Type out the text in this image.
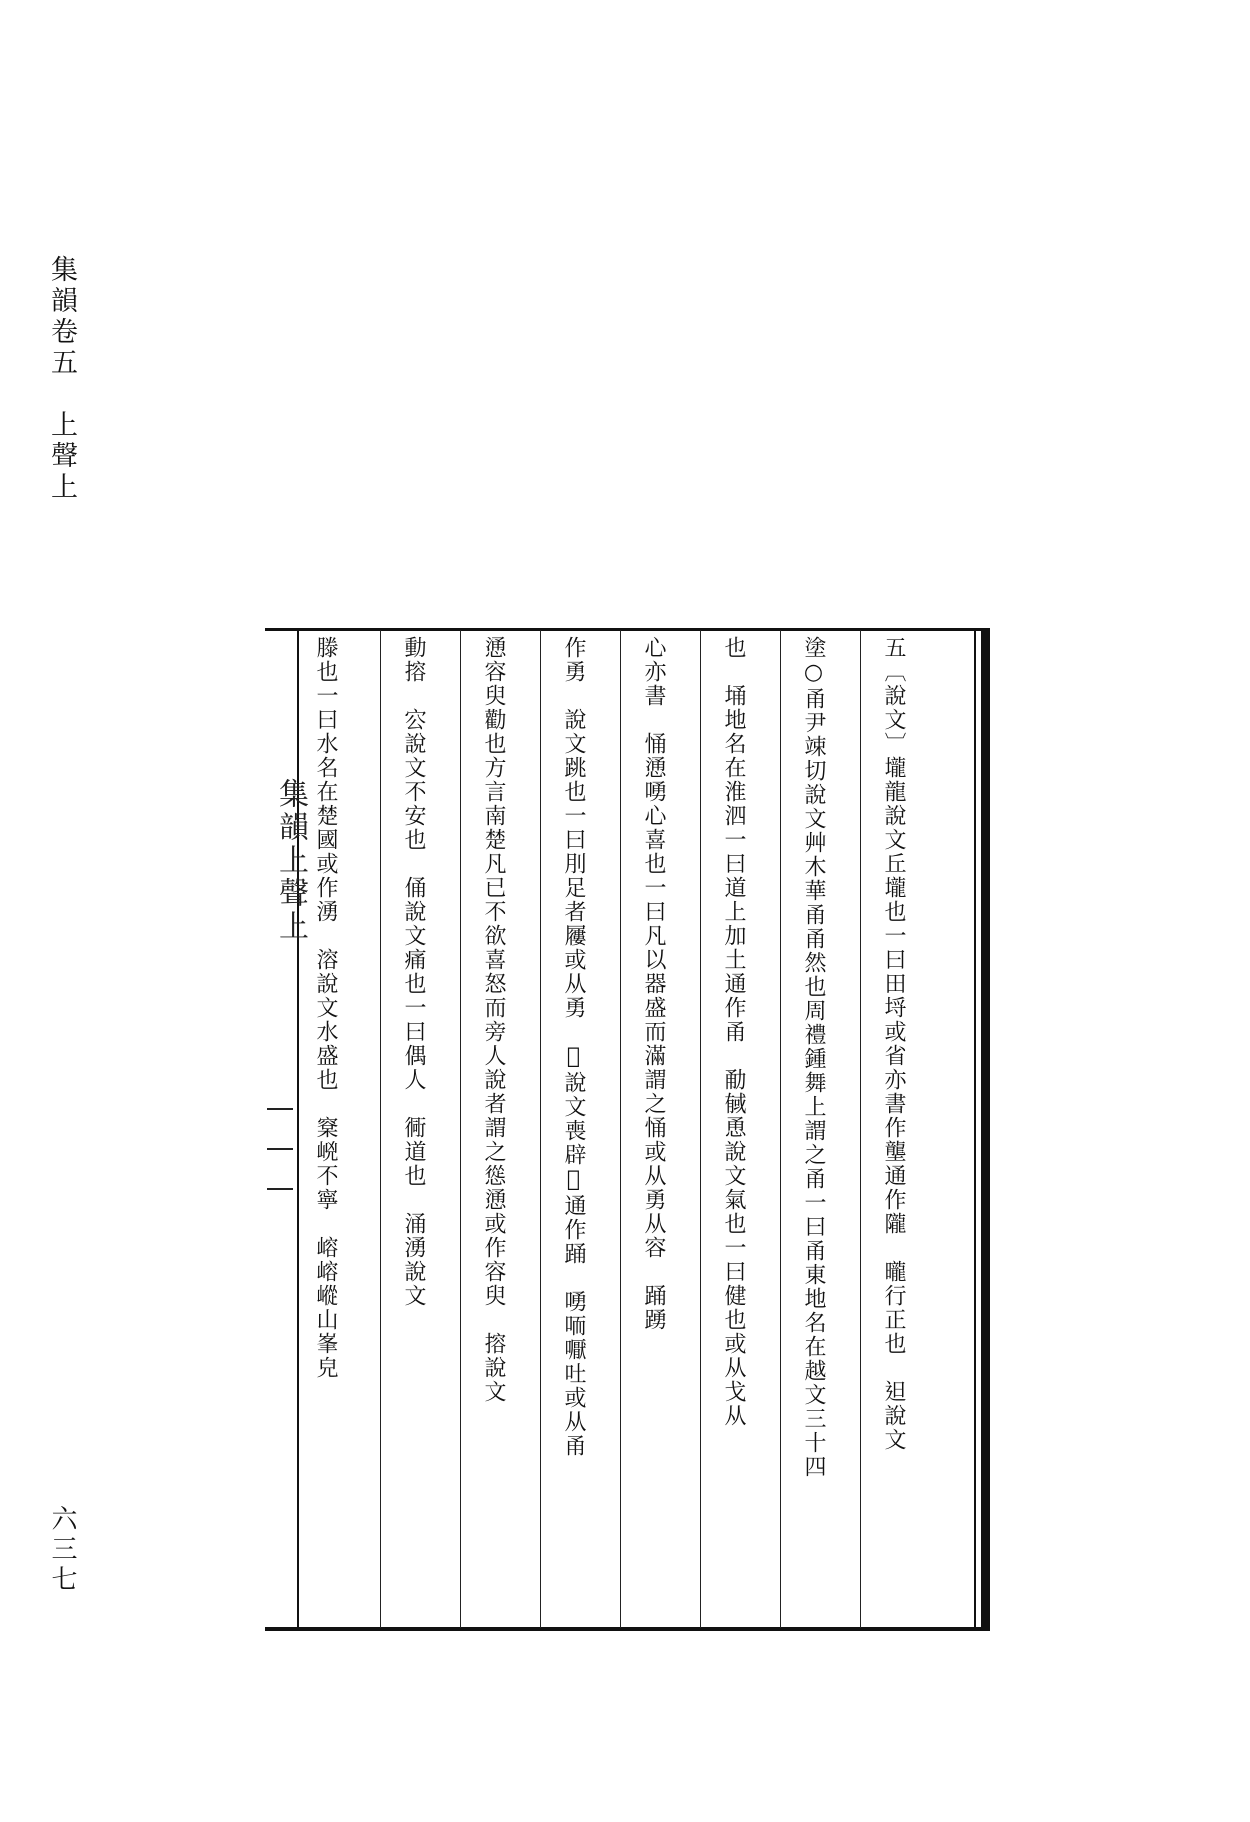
集韻卷五　上聲上
六三七
集韻上聲上	五〔說文〕壠龍說文丘壠也一曰田埒或省亦書作壟通作隴　曨行正也　𨑨說文
塗○甬尹竦切說文艸木華甬甬然也周禮鍾舞上謂之甬一曰甬東地名在越文三十四
也　埇地名在淮泗一曰道上加土通作甬　勈戫恿說文氣也一曰健也或从戈从
心亦書　悀慂㗈心喜也一曰凡以器盛而滿謂之悀或从勇从容　踊踴
作勇　說文跳也一曰刖足者屨或从勇　𧼣說文喪辟𧼣通作踊　㗈㖇嚈吐或从甬
慂容臾勸也方言南楚凡已不欲喜怒而旁人說者謂之慫慂或作容臾　搈說文
動搈　㝐說文不安也　俑說文痛也一曰偶人　衕道也　涌湧說文
滕也一曰水名在楚國或作湧　溶說文水盛也　㮤㟅不寧　嵱嵱嵷山峯皃
